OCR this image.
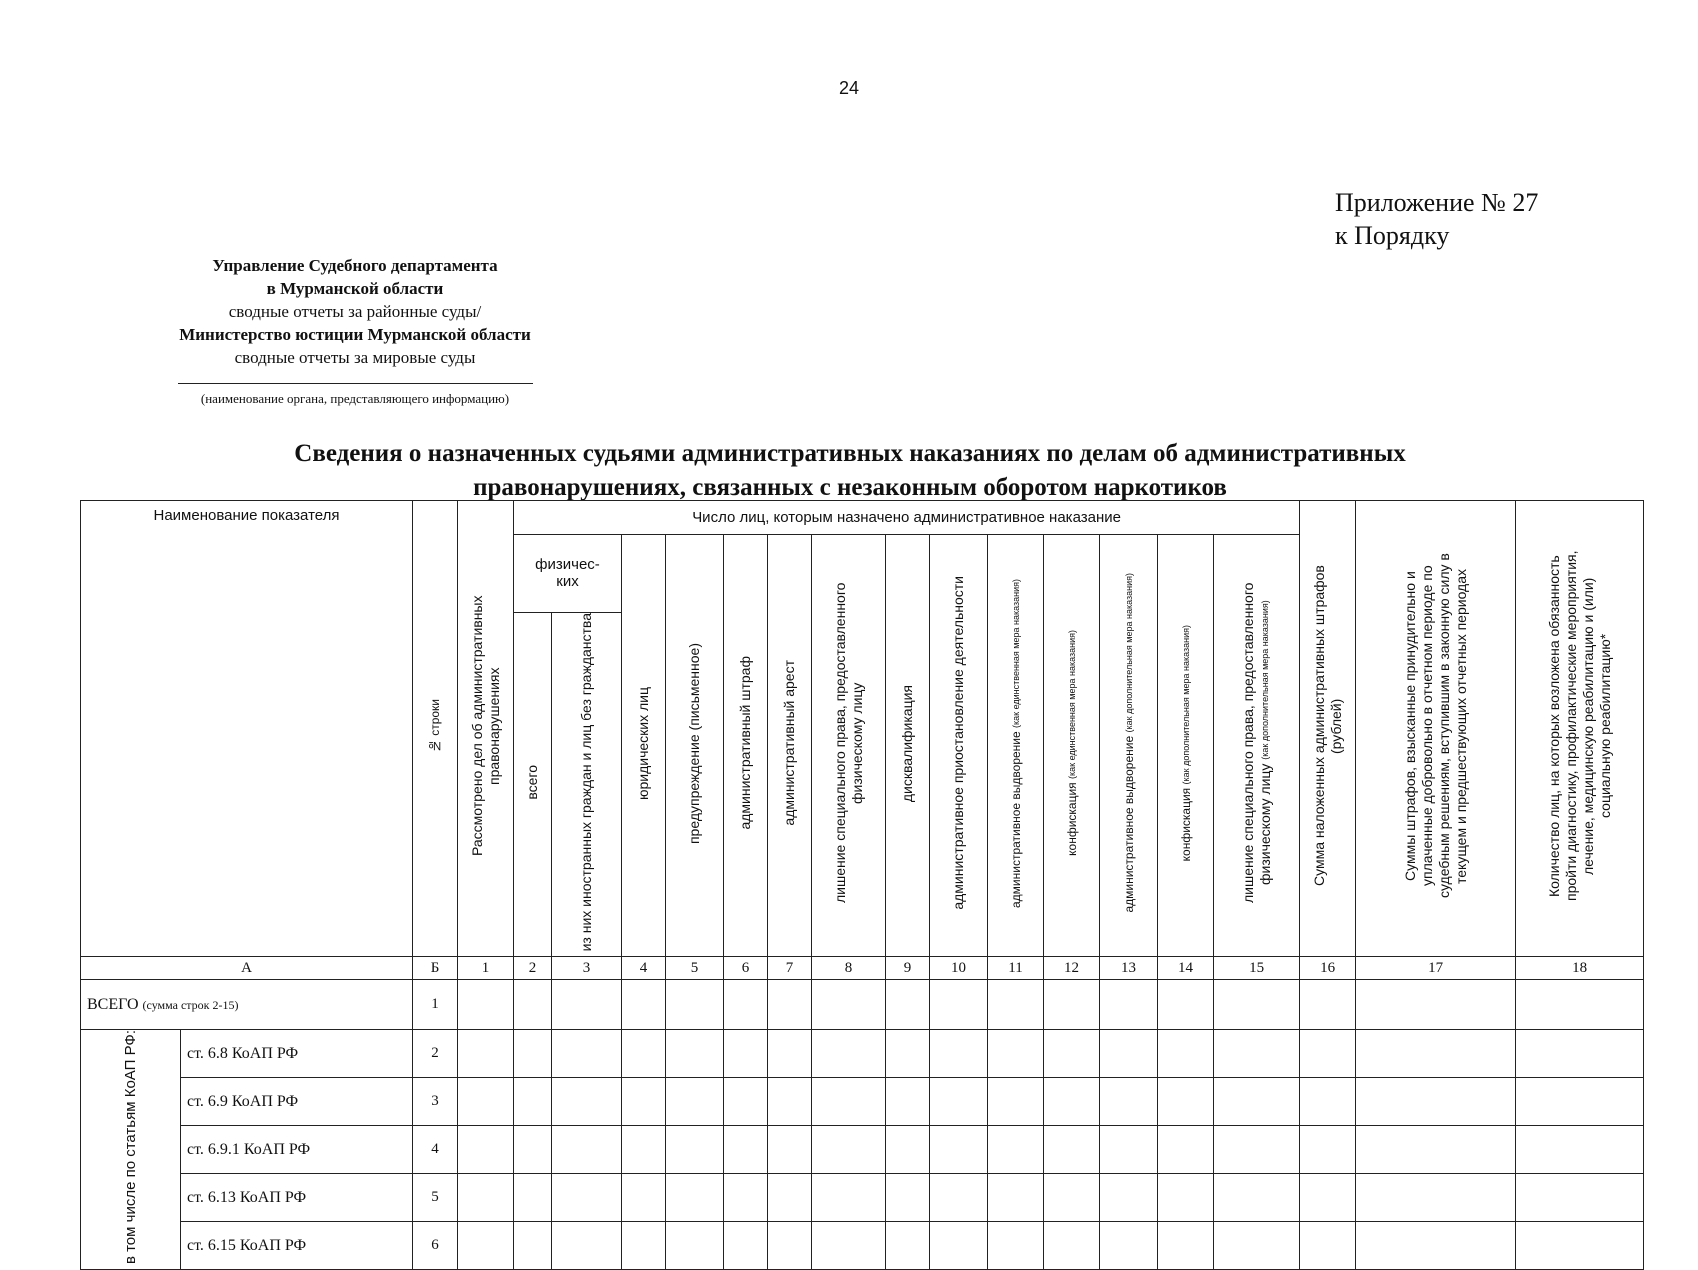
24
Приложение № 27
к Порядку
Управление Судебного департамента
в Мурманской области
сводные отчеты за районные суды/
Министерство юстиции Мурманской области
сводные отчеты за мировые суды
(наименование органа, представляющего информацию)
Сведения о назначенных судьями административных наказаниях по делам об административных
правонарушениях, связанных с незаконным оборотом наркотиков
Наименование показателя		№ строки	Рассмотрено дел об административных правонарушениях	Число лиц, которым назначено административное наказание														Сумма наложенных административных штрафов (рублей)	Суммы штрафов, взысканные принудительно и уплаченные добровольно в отчетном периоде по судебным решениям, вступившим в законную силу в текущем и предшествующих отчетных периодах	Количество лиц, на которых возложена обязанность пройти диагностику, профилактические мероприятия, лечение, медицинскую реабилитацию и (или) социальную реабилитацию*
				физичес-ких		юридических лиц	предупреждение (письменное)	административный штраф	административный арест	лишение специального права, предоставленного физическому лицу	дисквалификация	административное приостановление деятельности	административное выдворение (как единственная мера наказания)	конфискация (как единственная мера наказания)	административное выдворение (как дополнительная мера наказания)	конфискация (как дополнительная мера наказания)	лишение специального права, предоставленного физическому лицу (как дополнительная мера наказания)			
				всего	из них иностранных граждан и лиц без гражданства															
А		Б	1	2	3	4	5	6	7	8	9	10	11	12	13	14	15	16	17	18
ВСЕГО (сумма строк 2-15)		1																		
в том числе по статьям КоАП РФ:	ст. 6.8 КоАП РФ	2																		
	ст. 6.9 КоАП РФ	3																		
	ст. 6.9.1 КоАП РФ	4																		
	ст. 6.13 КоАП РФ	5																		
	ст. 6.15 КоАП РФ	6																		
